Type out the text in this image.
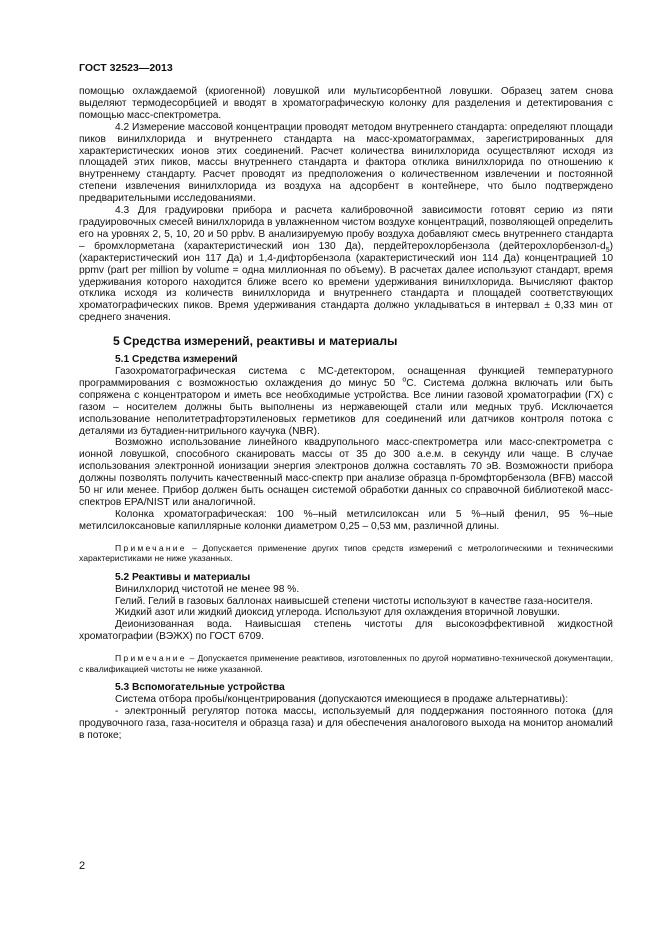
ГОСТ 32523—2013

помощью охлаждаемой (криогенной) ловушкой или мультисорбентной ловушки. Образец затем снова выделяют термодесорбцией и вводят в хроматографическую колонку для разделения и детектирования с помощью масс-спектрометра.

4.2 Измерение массовой концентрации проводят методом внутреннего стандарта: определяют площади пиков винилхлорида и внутреннего стандарта на масс-хроматограммах, зарегистрированных для характеристических ионов этих соединений. Расчет количества винилхлорида осуществляют исходя из площадей этих пиков, массы внутреннего стандарта и фактора отклика винилхлорида по отношению к внутреннему стандарту. Расчет проводят из предположения о количественном извлечении и постоянной степени извлечения винилхлорида из воздуха на адсорбент в контейнере, что было подтверждено предварительными исследованиями.

4.3 Для градуировки прибора и расчета калибровочной зависимости готовят серию из пяти градуировочных смесей винилхлорида в увлажненном чистом воздухе концентраций, позволяющей определить его на уровнях 2, 5, 10, 20 и 50 ppbv. В анализируемую пробу воздуха добавляют смесь внутреннего стандарта – бромхлорметана (характеристический ион 130 Да), пердейтерохлорбензола $(дейтерохлорбензол-d_5)$ (характеристический ион 117 Да) и 1,4-дифторбензола (характеристический ион 114 Да) концентрацией 10 ppmv (part per million by volume = одна миллионная по объему). В расчетах далее используют стандарт, время удерживания которого находится ближе всего ко времени удерживания винилхлорида. Вычисляют фактор отклика исходя из количеств винилхлорида и внутреннего стандарта и площадей соответствующих хроматографических пиков. Время удерживания стандарта должно укладываться в интервал ± 0,33 мин от среднего значения.

5 Средства измерений, реактивы и материалы
5.1 Средства измерений

Газохроматографическая система с МС-детектором, оснащенная функцией температурного программирования с возможностью охлаждения до минус 50 $^о$С. Система должна включать или быть сопряжена с концентратором и иметь все необходимые устройства. Все линии газовой хроматографии (ГХ) с газом – носителем должны быть выполнены из нержавеющей стали или медных труб. Исключается использование неполитетрафторэтиленовых герметиков для соединений или датчиков контроля потока с деталями из бутадиен-нитрильного каучука (NBR).

Возможно использование линейного квадрупольного масс-спектрометра или масс-спектрометра с ионной ловушкой, способного сканировать массы от 35 до 300 а.е.м. в секунду или чаще. В случае использования электронной ионизации энергия электронов должна составлять 70 эВ. Возможности прибора должны позволять получить качественный масс-спектр при анализе образца п-бромфторбензола (BFB) массой 50 нг или менее. Прибор должен быть оснащен системой обработки данных со справочной библиотекой масс-спектров EPA/NIST или аналогичной.

Колонка хроматографическая: 100 %–ный метилсилоксан или 5 %–ный фенил, 95 %–ные метилсилоксановые капиллярные колонки диаметром 0,25 – 0,53 мм, различной длины.

Примечание – Допускается применение других типов средств измерений с метрологическими и техническими характеристиками не ниже указанных.

5.2 Реактивы и материалы

Винилхлорид чистотой не менее 98 %.

Гелий. Гелий в газовых баллонах наивысшей степени чистоты используют в качестве газа-носителя.

Жидкий азот или жидкий диоксид углерода. Используют для охлаждения вторичной ловушки.

Деионизованная вода. Наивысшая степень чистоты для высокоэффективной жидкостной хроматографии (ВЭЖХ) по ГОСТ 6709.

Примечание – Допускается применение реактивов, изготовленных по другой нормативно-технической документации, с квалификацией чистоты не ниже указанной.

5.3 Вспомогательные устройства

Система отбора пробы/концентрирования (допускаются имеющиеся в продаже альтернативы):

- электронный регулятор потока массы, используемый для поддержания постоянного потока (для продувочного газа, газа-носителя и образца газа) и для обеспечения аналогового выхода на монитор аномалий в потоке;

2
